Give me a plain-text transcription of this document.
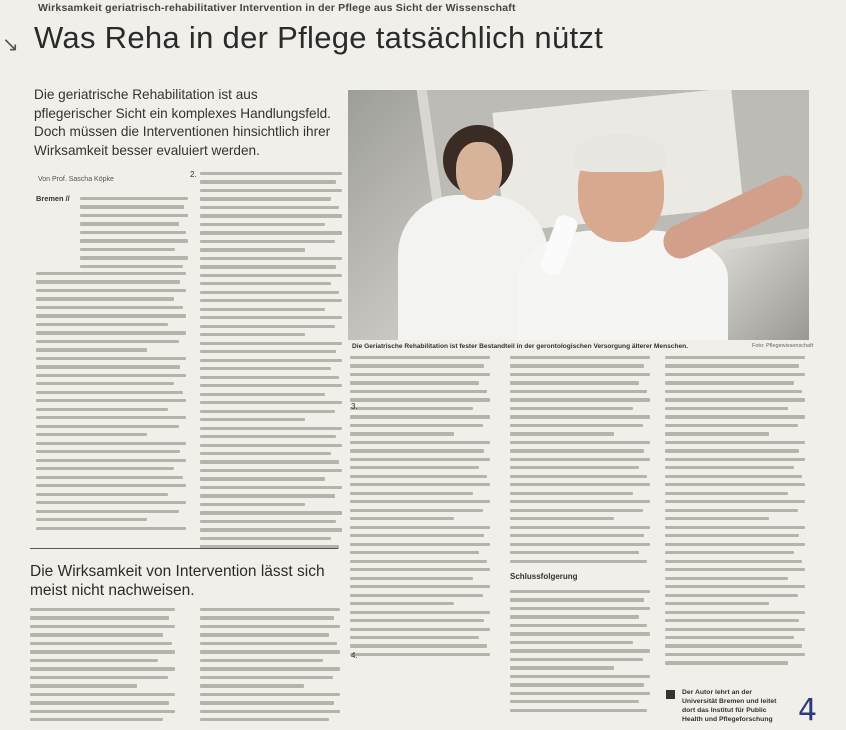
Wirksamkeit geriatrisch-rehabilitativer Intervention in der Pflege aus Sicht der Wissenschaft
↘ Was Reha in der Pflege tatsächlich nützt
Die geriatrische Rehabilitation ist aus pflegerischer Sicht ein komplexes Handlungsfeld. Doch müssen die Interventionen hinsichtlich ihrer Wirksamkeit besser evaluiert werden.
Von Prof. Sascha Köpke
Bremen //
2.
Die Geriatrische Rehabilitation ist fester Bestandteil in der gerontologischen Versorgung älterer Menschen.	Foto: Pflegewissenschaft
3.
4.
Schlussfolgerung
Die Wirksamkeit von Intervention lässt sich meist nicht nachweisen.
Der Autor lehrt an der Universität Bremen und leitet dort das Institut für Public Health und Pflegeforschung 4
